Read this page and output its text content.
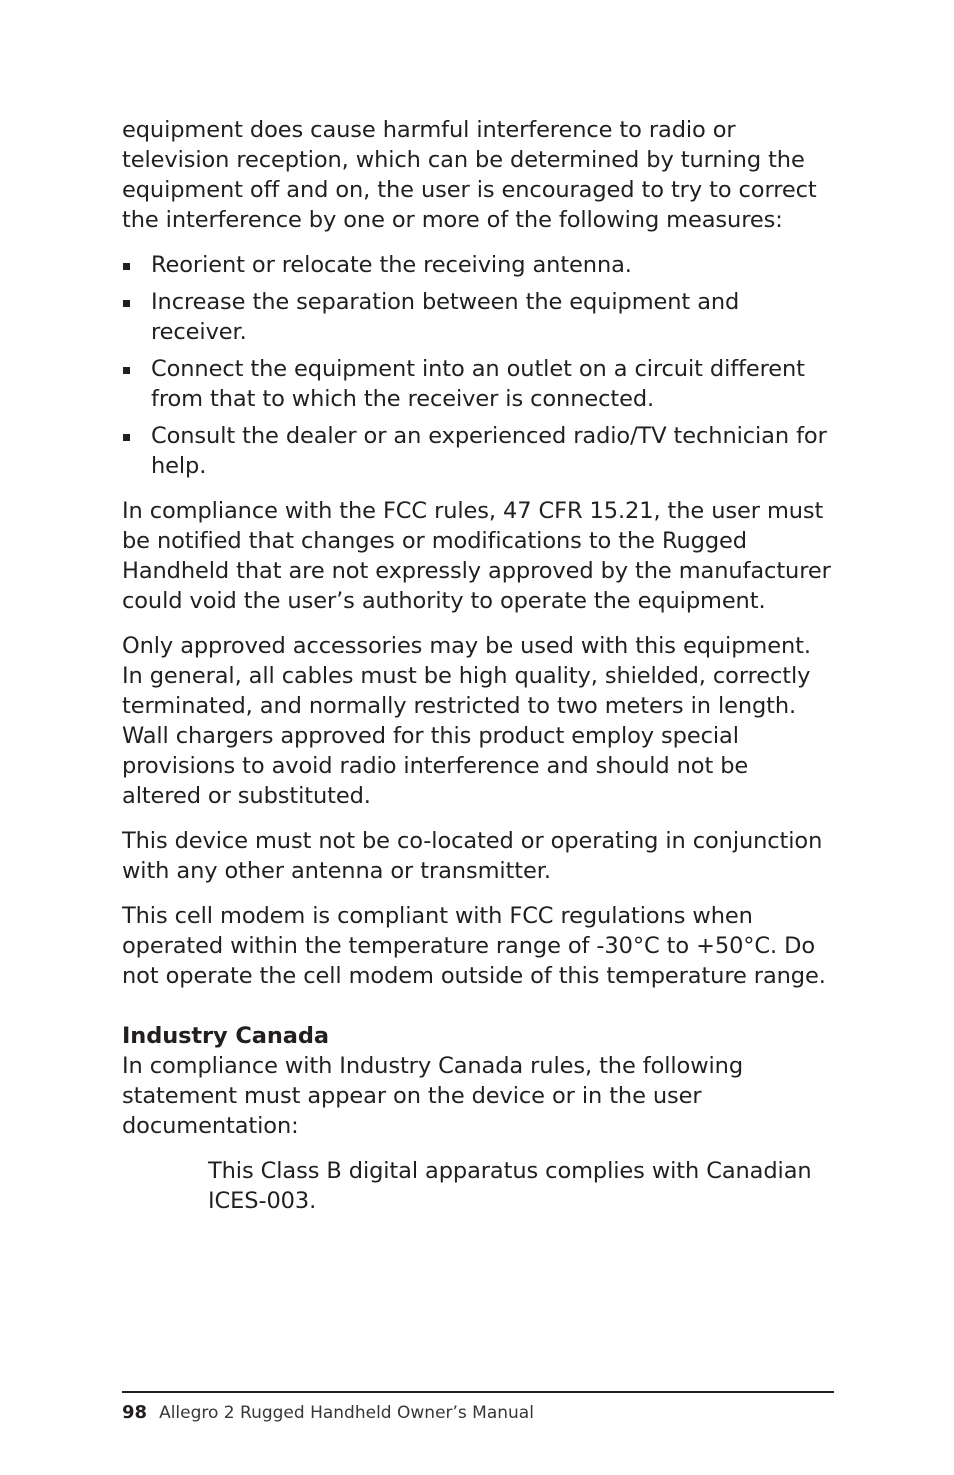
equipment does cause harmful interference to radio or television reception, which can be determined by turning the equipment off and on, the user is encouraged to try to correct the interference by one or more of the following measures:

Reorient or relocate the receiving antenna.
Increase the separation between the equipment and receiver.
Connect the equipment into an outlet on a circuit different from that to which the receiver is connected.
Consult the dealer or an experienced radio/TV technician for help.

In compliance with the FCC rules, 47 CFR 15.21, the user must be notified that changes or modifications to the Rugged Handheld that are not expressly approved by the manufacturer could void the user’s authority to operate the equipment.

Only approved accessories may be used with this equipment. In general, all cables must be high quality, shielded, correctly terminated, and normally restricted to two meters in length. Wall chargers approved for this product employ special provisions to avoid radio interference and should not be altered or substituted.

This device must not be co-located or operating in conjunction with any other antenna or transmitter.

This cell modem is compliant with FCC regulations when operated within the temperature range of -30°C to +50°C. Do not operate the cell modem outside of this temperature range.

Industry Canada

In compliance with Industry Canada rules, the following statement must appear on the device or in the user documentation:

This Class B digital apparatus complies with Canadian ICES-003.

98 Allegro 2 Rugged Handheld Owner’s Manual
